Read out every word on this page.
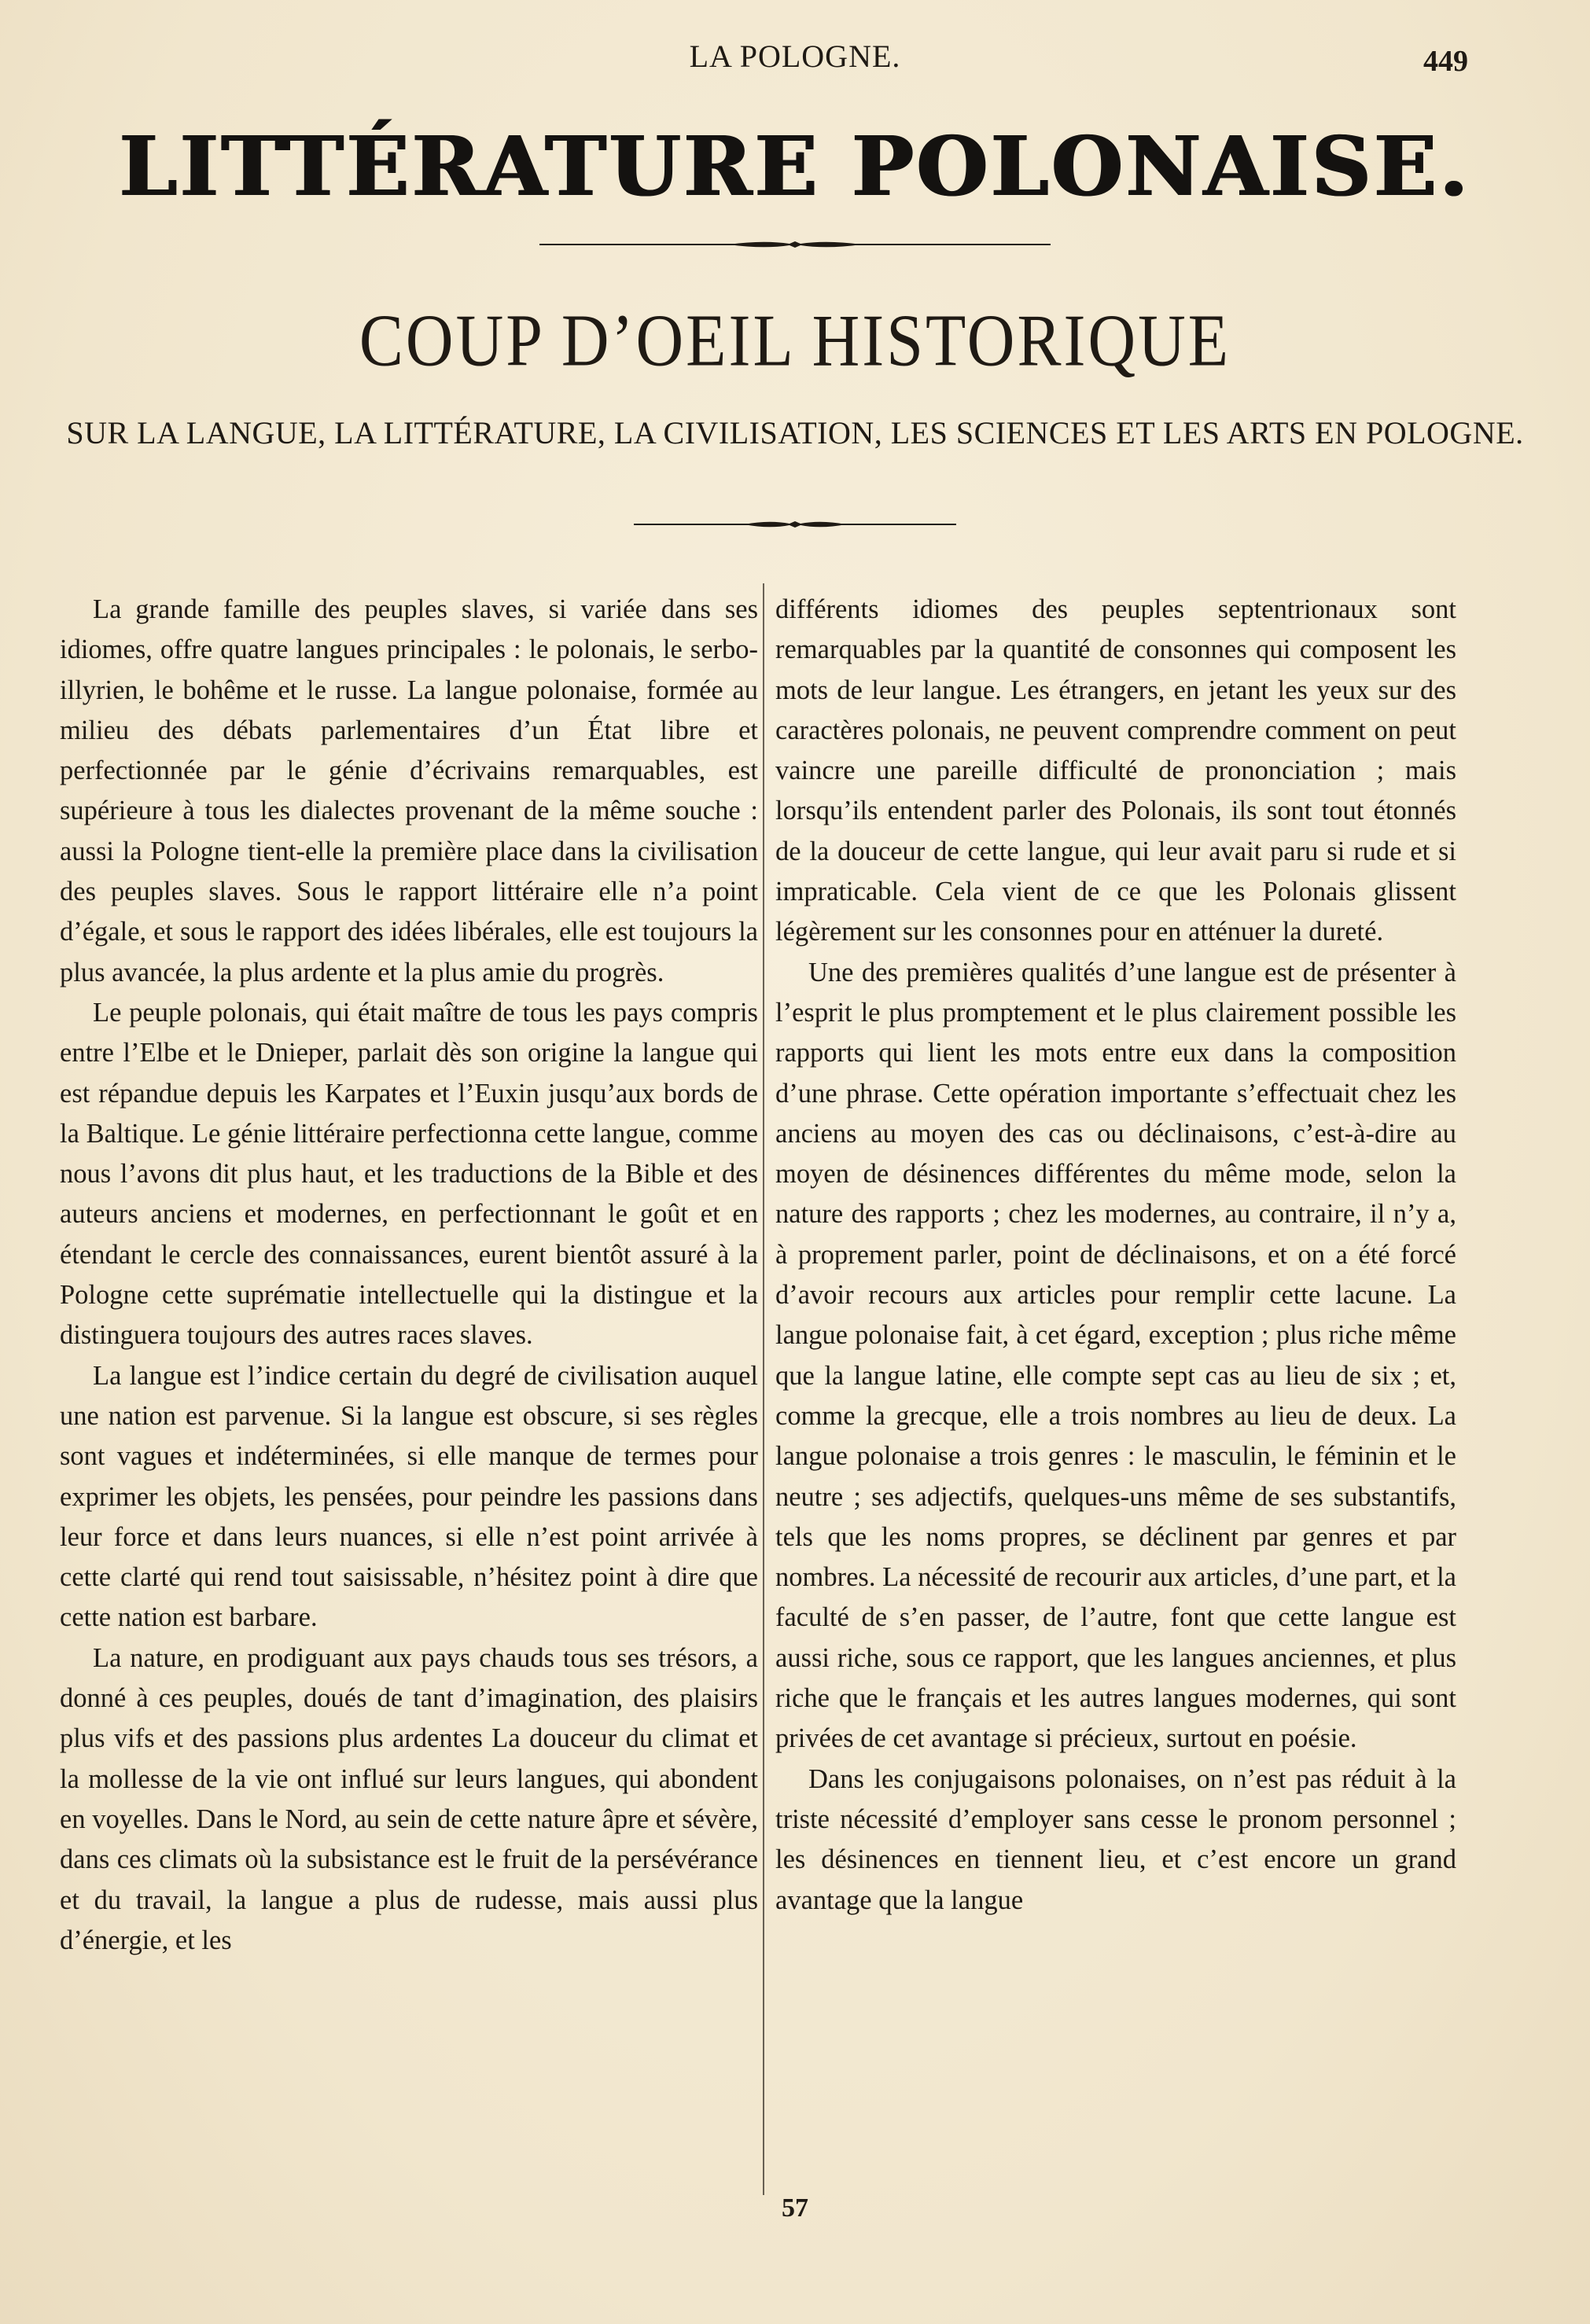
LA POLOGNE.	449
LITTÉRATURE POLONAISE.
COUP D’OEIL HISTORIQUE
SUR LA LANGUE, LA LITTÉRATURE, LA CIVILISATION, LES SCIENCES ET LES ARTS EN POLOGNE.

La grande famille des peuples slaves, si variée dans ses idiomes, offre quatre langues principales : le polonais, le serbo-illyrien, le bohême et le russe. La langue polonaise, formée au milieu des débats parlementaires d’un État libre et perfectionnée par le génie d’écrivains remarquables, est supérieure à tous les dialectes provenant de la même souche : aussi la Pologne tient-elle la première place dans la civilisation des peuples slaves. Sous le rapport littéraire elle n’a point d’égale, et sous le rapport des idées libérales, elle est toujours la plus avancée, la plus ardente et la plus amie du progrès.

Le peuple polonais, qui était maître de tous les pays compris entre l’Elbe et le Dnieper, parlait dès son origine la langue qui est répandue depuis les Karpates et l’Euxin jusqu’aux bords de la Baltique. Le génie littéraire perfectionna cette langue, comme nous l’avons dit plus haut, et les traductions de la Bible et des auteurs anciens et modernes, en perfectionnant le goût et en étendant le cercle des connaissances, eurent bientôt assuré à la Pologne cette suprématie intellectuelle qui la distingue et la distinguera toujours des autres races slaves.

La langue est l’indice certain du degré de civilisation auquel une nation est parvenue. Si la langue est obscure, si ses règles sont vagues et indéterminées, si elle manque de termes pour exprimer les objets, les pensées, pour peindre les passions dans leur force et dans leurs nuances, si elle n’est point arrivée à cette clarté qui rend tout saisissable, n’hésitez point à dire que cette nation est barbare.

La nature, en prodiguant aux pays chauds tous ses trésors, a donné à ces peuples, doués de tant d’imagination, des plaisirs plus vifs et des passions plus ardentes La douceur du climat et la mollesse de la vie ont influé sur leurs langues, qui abondent en voyelles. Dans le Nord, au sein de cette nature âpre et sévère, dans ces climats où la subsistance est le fruit de la persévérance et du travail, la langue a plus de rudesse, mais aussi plus d’énergie, et les

différents idiomes des peuples septentrionaux sont remarquables par la quantité de consonnes qui composent les mots de leur langue. Les étrangers, en jetant les yeux sur des caractères polonais, ne peuvent comprendre comment on peut vaincre une pareille difficulté de prononciation ; mais lorsqu’ils entendent parler des Polonais, ils sont tout étonnés de la douceur de cette langue, qui leur avait paru si rude et si impraticable. Cela vient de ce que les Polonais glissent légèrement sur les consonnes pour en atténuer la dureté.

Une des premières qualités d’une langue est de présenter à l’esprit le plus promptement et le plus clairement possible les rapports qui lient les mots entre eux dans la composition d’une phrase. Cette opération importante s’effectuait chez les anciens au moyen des cas ou déclinaisons, c’est-à-dire au moyen de désinences différentes du même mode, selon la nature des rapports ; chez les modernes, au contraire, il n’y a, à proprement parler, point de déclinaisons, et on a été forcé d’avoir recours aux articles pour remplir cette lacune. La langue polonaise fait, à cet égard, exception ; plus riche même que la langue latine, elle compte sept cas au lieu de six ; et, comme la grecque, elle a trois nombres au lieu de deux. La langue polonaise a trois genres : le masculin, le féminin et le neutre ; ses adjectifs, quelques-uns même de ses substantifs, tels que les noms propres, se déclinent par genres et par nombres. La nécessité de recourir aux articles, d’une part, et la faculté de s’en passer, de l’autre, font que cette langue est aussi riche, sous ce rapport, que les langues anciennes, et plus riche que le français et les autres langues modernes, qui sont privées de cet avantage si précieux, surtout en poésie.

Dans les conjugaisons polonaises, on n’est pas réduit à la triste nécessité d’employer sans cesse le pronom personnel ; les désinences en tiennent lieu, et c’est encore un grand avantage que la langue

57
